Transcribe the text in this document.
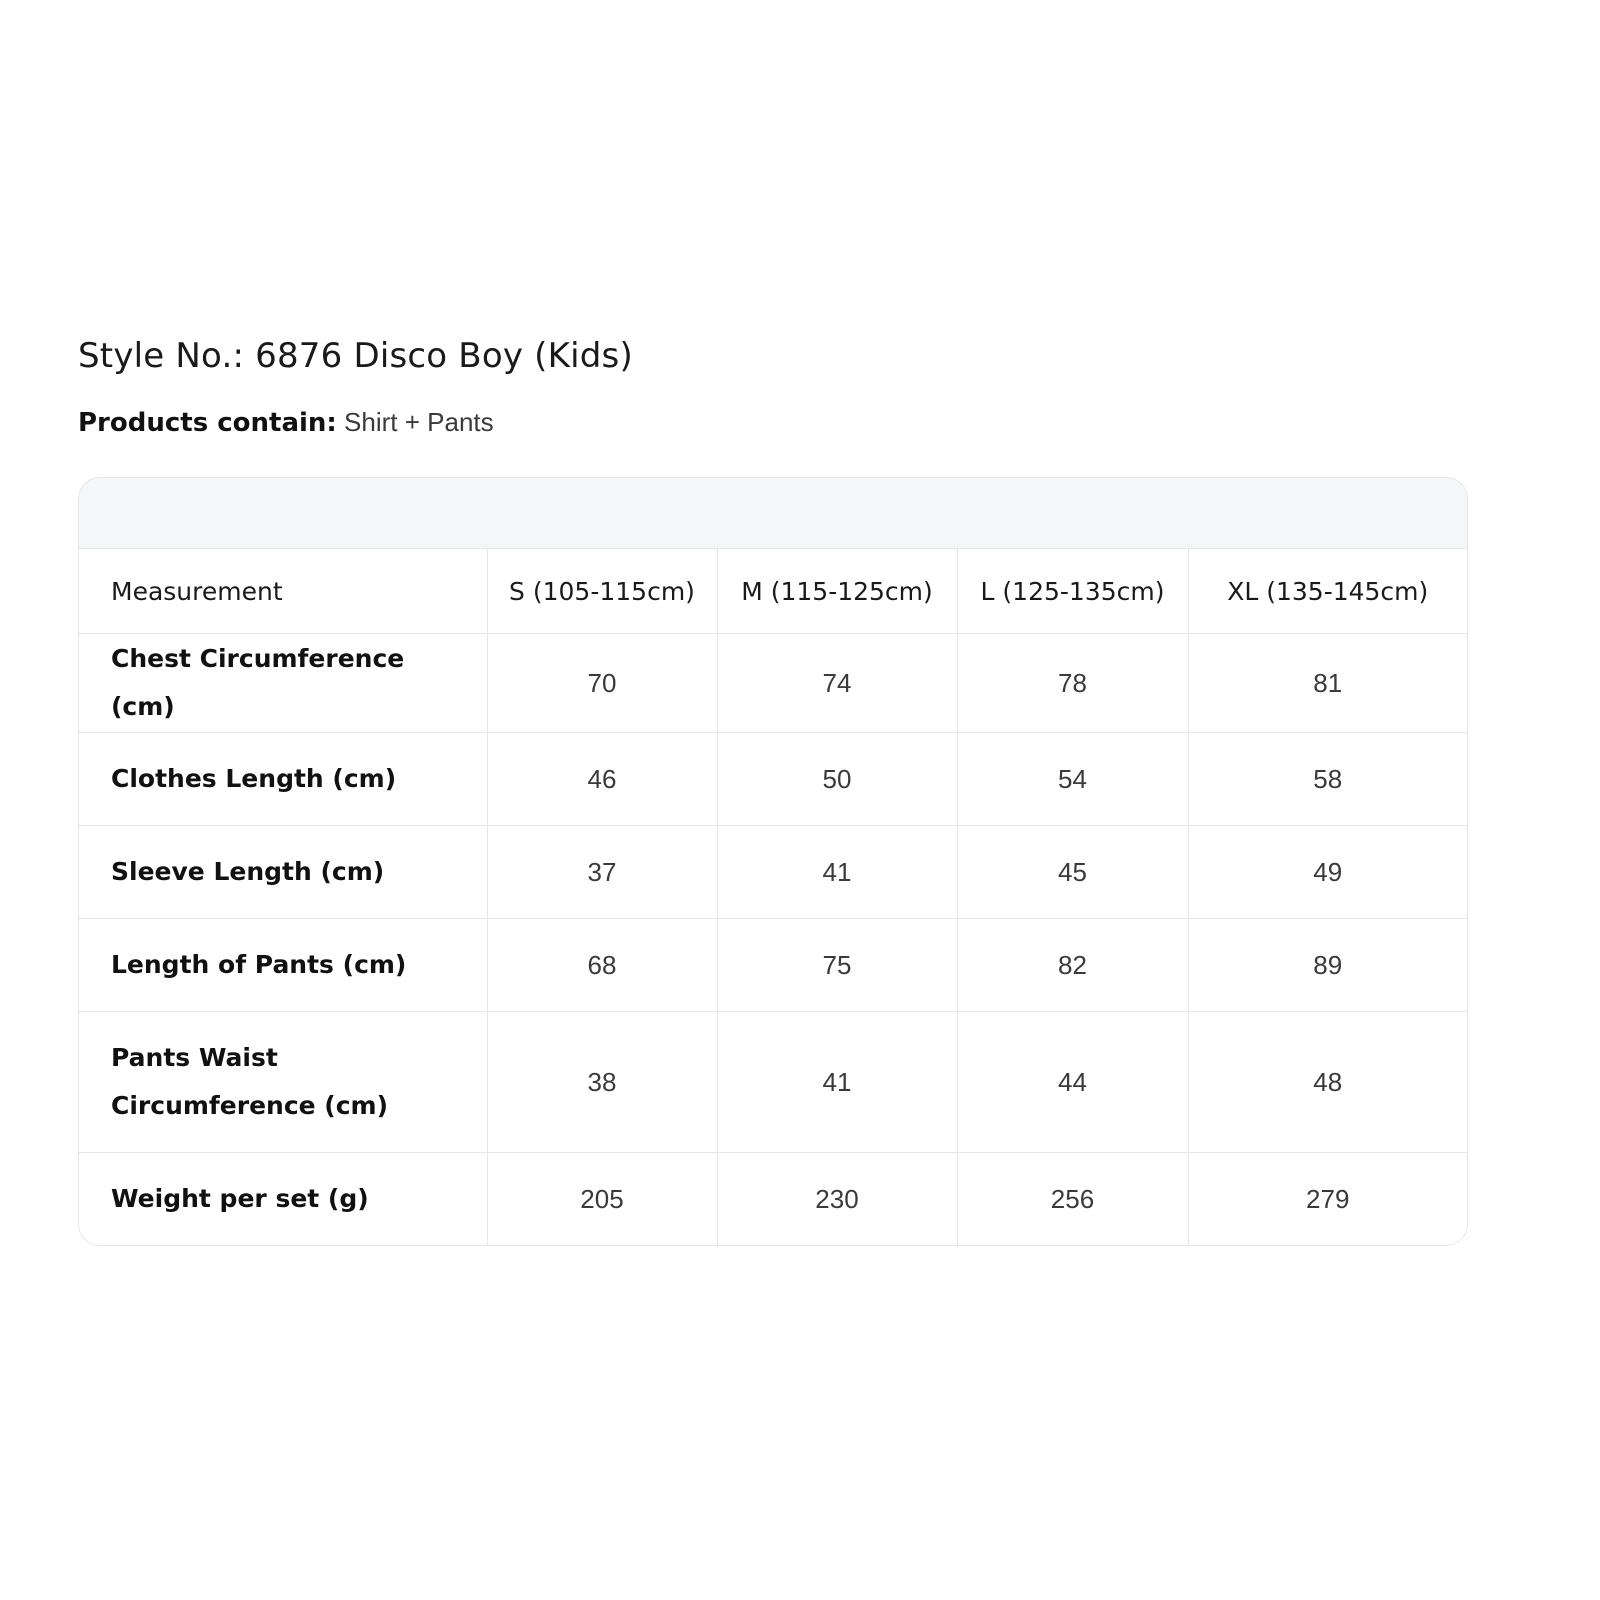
Style No.: 6876 Disco Boy (Kids)
Products contain: Shirt + Pants
Measurement	S (105-115cm)	M (115-125cm)	L (125-135cm)	XL (135-145cm)
Chest Circumference (cm)	70	74	78	81
Clothes Length (cm)	46	50	54	58
Sleeve Length (cm)	37	41	45	49
Length of Pants (cm)	68	75	82	89
Pants Waist Circumference (cm)	38	41	44	48
Weight per set (g)	205	230	256	279
